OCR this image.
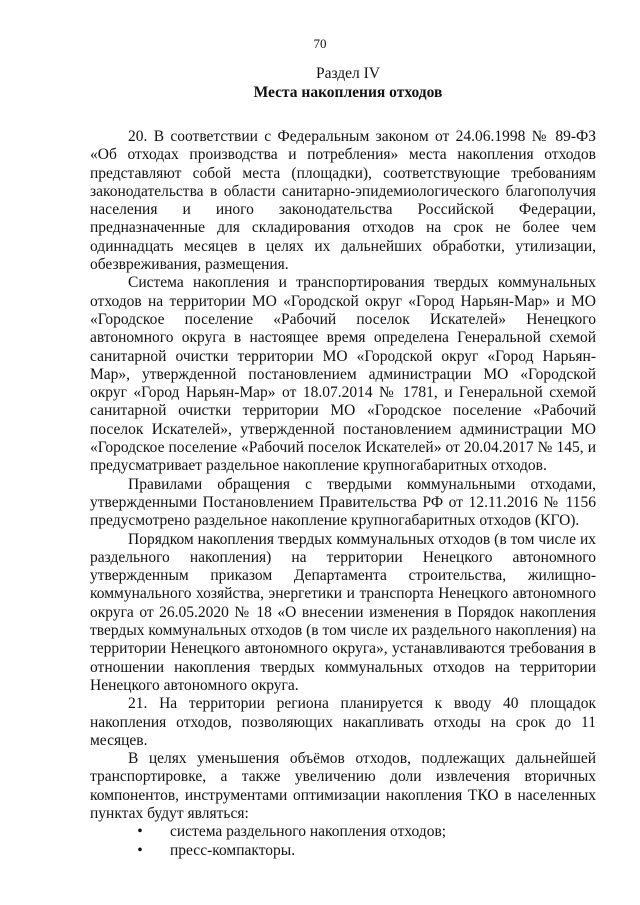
70
Раздел IV
Места накопления отходов

20. В соответствии с Федеральным законом от 24.06.1998 № 89-ФЗ «Об отходах производства и потребления» места накопления отходов представляют собой места (площадки), соответствующие требованиям законодательства в области санитарно-эпидемиологического благополучия населения и иного законодательства Российской Федерации, предназначенные для складирования отходов на срок не более чем одиннадцать месяцев в целях их дальнейших обработки, утилизации, обезвреживания, размещения.

Система накопления и транспортирования твердых коммунальных отходов на территории МО «Городской округ «Город Нарьян-Мар» и МО «Городское поселение «Рабочий поселок Искателей» Ненецкого автономного округа в настоящее время определена Генеральной схемой санитарной очистки территории МО «Городской округ «Город Нарьян-Мар», утвержденной постановлением администрации МО «Городской округ «Город Нарьян-Мар» от 18.07.2014 № 1781, и Генеральной схемой санитарной очистки территории МО «Городское поселение «Рабочий поселок Искателей», утвержденной постановлением администрации МО «Городское поселение «Рабочий поселок Искателей» от 20.04.2017 № 145, и предусматривает раздельное накопление крупногабаритных отходов.

Правилами обращения с твердыми коммунальными отходами, утвержденными Постановлением Правительства РФ от 12.11.2016 № 1156 предусмотрено раздельное накопление крупногабаритных отходов (КГО).

Порядком накопления твердых коммунальных отходов (в том числе их раздельного накопления) на территории Ненецкого автономного утвержденным приказом Департамента строительства, жилищно-коммунального хозяйства, энергетики и транспорта Ненецкого автономного округа от 26.05.2020 № 18 «О внесении изменения в Порядок накопления твердых коммунальных отходов (в том числе их раздельного накопления) на территории Ненецкого автономного округа», устанавливаются требования в отношении накопления твердых коммунальных отходов на территории Ненецкого автономного округа.

21. На территории региона планируется к вводу 40 площадок накопления отходов, позволяющих накапливать отходы на срок до 11 месяцев.

В целях уменьшения объёмов отходов, подлежащих дальнейшей транспортировке, а также увеличению доли извлечения вторичных компонентов, инструментами оптимизации накопления ТКО в населенных пунктах будут являться:

•	система раздельного накопления отходов;
•	пресс-компакторы.
